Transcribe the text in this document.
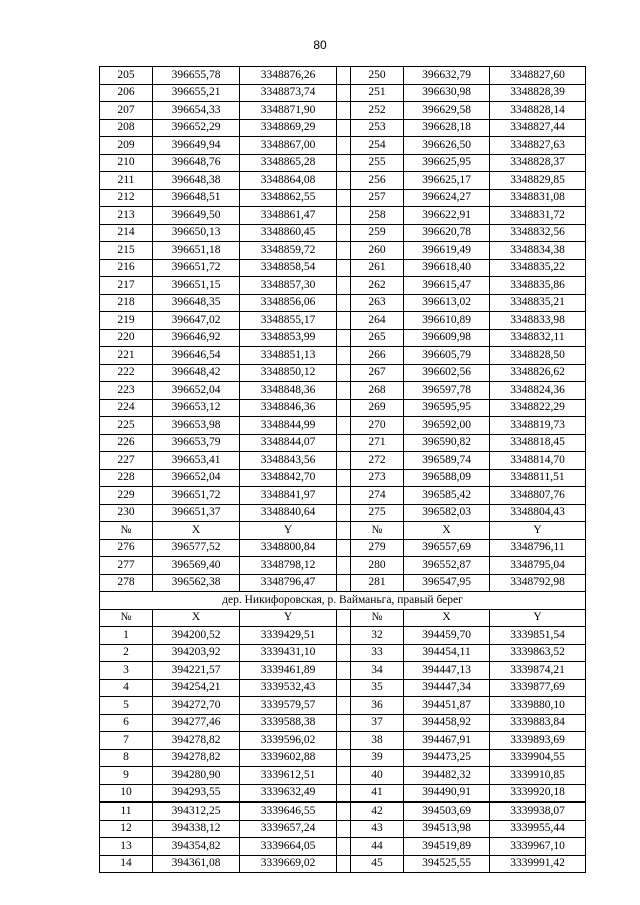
80
205	396655,78	3348876,26		250	396632,79	3348827,60
206	396655,21	3348873,74		251	396630,98	3348828,39
207	396654,33	3348871,90		252	396629,58	3348828,14
208	396652,29	3348869,29		253	396628,18	3348827,44
209	396649,94	3348867,00		254	396626,50	3348827,63
210	396648,76	3348865,28		255	396625,95	3348828,37
211	396648,38	3348864,08		256	396625,17	3348829,85
212	396648,51	3348862,55		257	396624,27	3348831,08
213	396649,50	3348861,47		258	396622,91	3348831,72
214	396650,13	3348860,45		259	396620,78	3348832,56
215	396651,18	3348859,72		260	396619,49	3348834,38
216	396651,72	3348858,54		261	396618,40	3348835,22
217	396651,15	3348857,30		262	396615,47	3348835,86
218	396648,35	3348856,06		263	396613,02	3348835,21
219	396647,02	3348855,17		264	396610,89	3348833,98
220	396646,92	3348853,99		265	396609,98	3348832,11
221	396646,54	3348851,13		266	396605,79	3348828,50
222	396648,42	3348850,12		267	396602,56	3348826,62
223	396652,04	3348848,36		268	396597,78	3348824,36
224	396653,12	3348846,36		269	396595,95	3348822,29
225	396653,98	3348844,99		270	396592,00	3348819,73
226	396653,79	3348844,07		271	396590,82	3348818,45
227	396653,41	3348843,56		272	396589,74	3348814,70
228	396652,04	3348842,70		273	396588,09	3348811,51
229	396651,72	3348841,97		274	396585,42	3348807,76
230	396651,37	3348840,64		275	396582,03	3348804,43
№	X	Y		№	X	Y
276	396577,52	3348800,84		279	396557,69	3348796,11
277	396569,40	3348798,12		280	396552,87	3348795,04
278	396562,38	3348796,47		281	396547,95	3348792,98
дер. Никифоровская, р. Вайманьга, правый берег						
№	X	Y		№	X	Y
1	394200,52	3339429,51		32	394459,70	3339851,54
2	394203,92	3339431,10		33	394454,11	3339863,52
3	394221,57	3339461,89		34	394447,13	3339874,21
4	394254,21	3339532,43		35	394447,34	3339877,69
5	394272,70	3339579,57		36	394451,87	3339880,10
6	394277,46	3339588,38		37	394458,92	3339883,84
7	394278,82	3339596,02		38	394467,91	3339893,69
8	394278,82	3339602,88		39	394473,25	3339904,55
9	394280,90	3339612,51		40	394482,32	3339910,85
10	394293,55	3339632,49		41	394490,91	3339920,18
11	394312,25	3339646,55		42	394503,69	3339938,07
12	394338,12	3339657,24		43	394513,98	3339955,44
13	394354,82	3339664,05		44	394519,89	3339967,10
14	394361,08	3339669,02		45	394525,55	3339991,42
